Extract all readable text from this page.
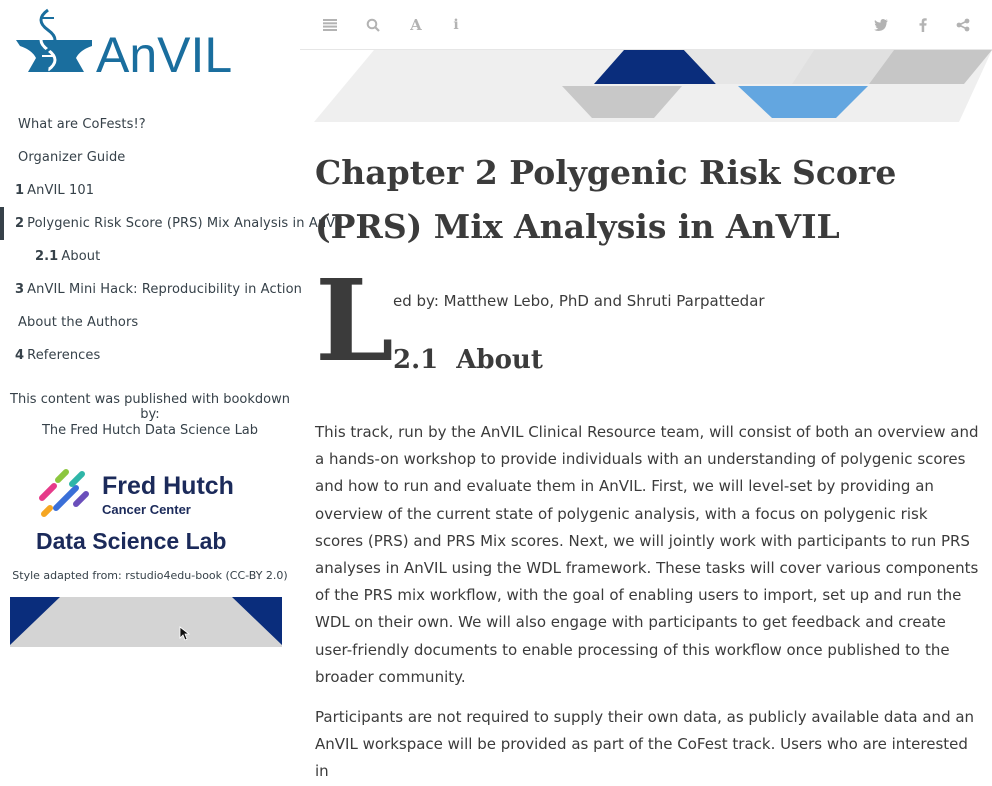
AnVIL
What are CoFests!?
Organizer Guide
1 AnVIL 101
2 Polygenic Risk Score (PRS) Mix Analysis in AnVIL
2.1 About
3 AnVIL Mini Hack: Reproducibility in Action
About the Authors
4 References
This content was published with bookdown by:
The Fred Hutch Data Science Lab
Fred Hutch
Cancer Center
Data Science Lab
Style adapted from: rstudio4edu-book (CC-BY 2.0)
A	i
Chapter 2 Polygenic Risk Score (PRS) Mix Analysis in AnVIL
L ed by: Matthew Lebo, PhD and Shruti Parpattedar
2.1 About

This track, run by the AnVIL Clinical Resource team, will consist of both an overview and a hands-on workshop to provide individuals with an understanding of polygenic scores and how to run and evaluate them in AnVIL. First, we will level-set by providing an overview of the current state of polygenic analysis, with a focus on polygenic risk scores (PRS) and PRS Mix scores. Next, we will jointly work with participants to run PRS analyses in AnVIL using the WDL framework. These tasks will cover various components of the PRS mix workflow, with the goal of enabling users to import, set up and run the WDL on their own. We will also engage with participants to get feedback and create user-friendly documents to enable processing of this workflow once published to the broader community.

Participants are not required to supply their own data, as publicly available data and an AnVIL workspace will be provided as part of the CoFest track. Users who are interested in
